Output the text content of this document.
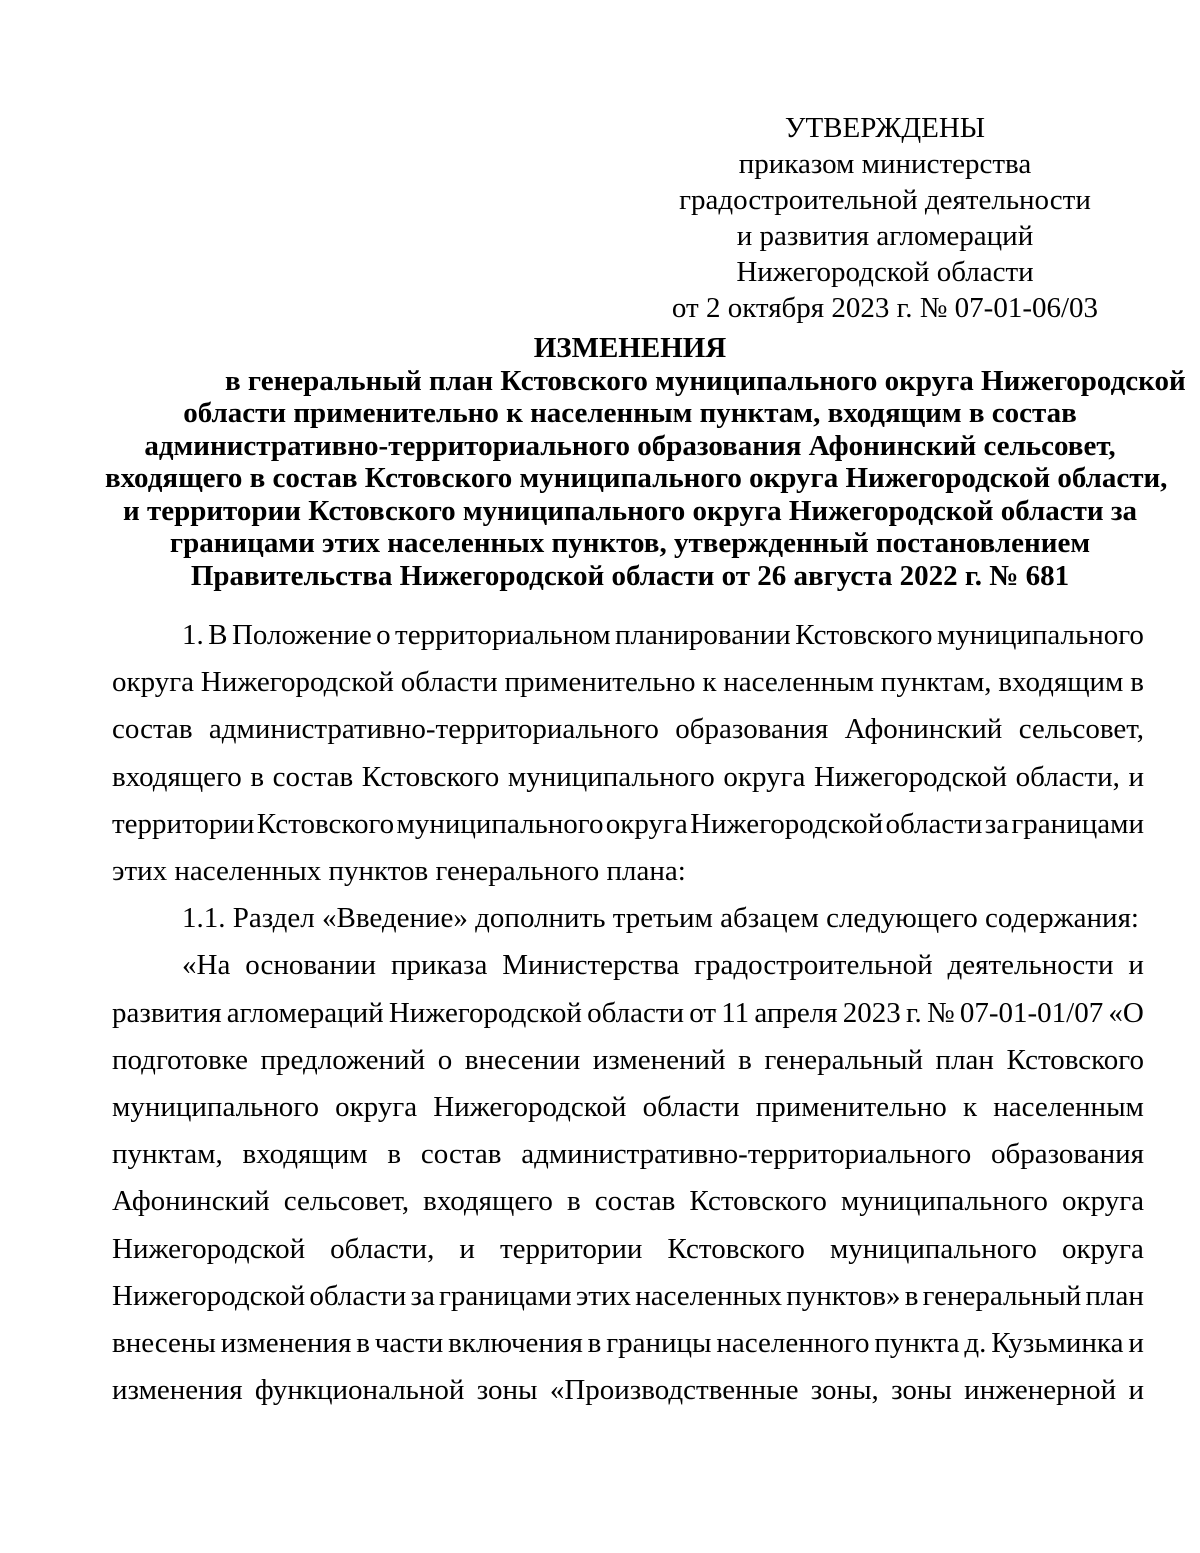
УТВЕРЖДЕНЫ
приказом министерства
градостроительной деятельности
и развития агломераций
Нижегородской области
от 2 октября 2023 г. № 07-01-06/03
ИЗМЕНЕНИЯ
в генеральный план Кстовского муниципального округа Нижегородской
области применительно к населенным пунктам, входящим в состав
административно-территориального образования Афонинский сельсовет,
входящего в состав Кстовского муниципального округа Нижегородской области,
и территории Кстовского муниципального округа Нижегородской области за
границами этих населенных пунктов, утвержденный постановлением
Правительства Нижегородской области от 26 августа 2022 г. № 681
1. В Положение о территориальном планировании Кстовского муниципального
округа Нижегородской области применительно к населенным пунктам, входящим в
состав административно-территориального образования Афонинский сельсовет,
входящего в состав Кстовского муниципального округа Нижегородской области, и
территории Кстовского муниципального округа Нижегородской области за границами
этих населенных пунктов генерального плана:
1.1. Раздел «Введение» дополнить третьим абзацем следующего содержания:
«На основании приказа Министерства градостроительной деятельности и
развития агломераций Нижегородской области от 11 апреля 2023 г. № 07-01-01/07 «О
подготовке предложений о внесении изменений в генеральный план Кстовского
муниципального округа Нижегородской области применительно к населенным
пунктам, входящим в состав административно-территориального образования
Афонинский сельсовет, входящего в состав Кстовского муниципального округа
Нижегородской области, и территории Кстовского муниципального округа
Нижегородской области за границами этих населенных пунктов» в генеральный план
внесены изменения в части включения в границы населенного пункта д. Кузьминка и
изменения функциональной зоны «Производственные зоны, зоны инженерной и
